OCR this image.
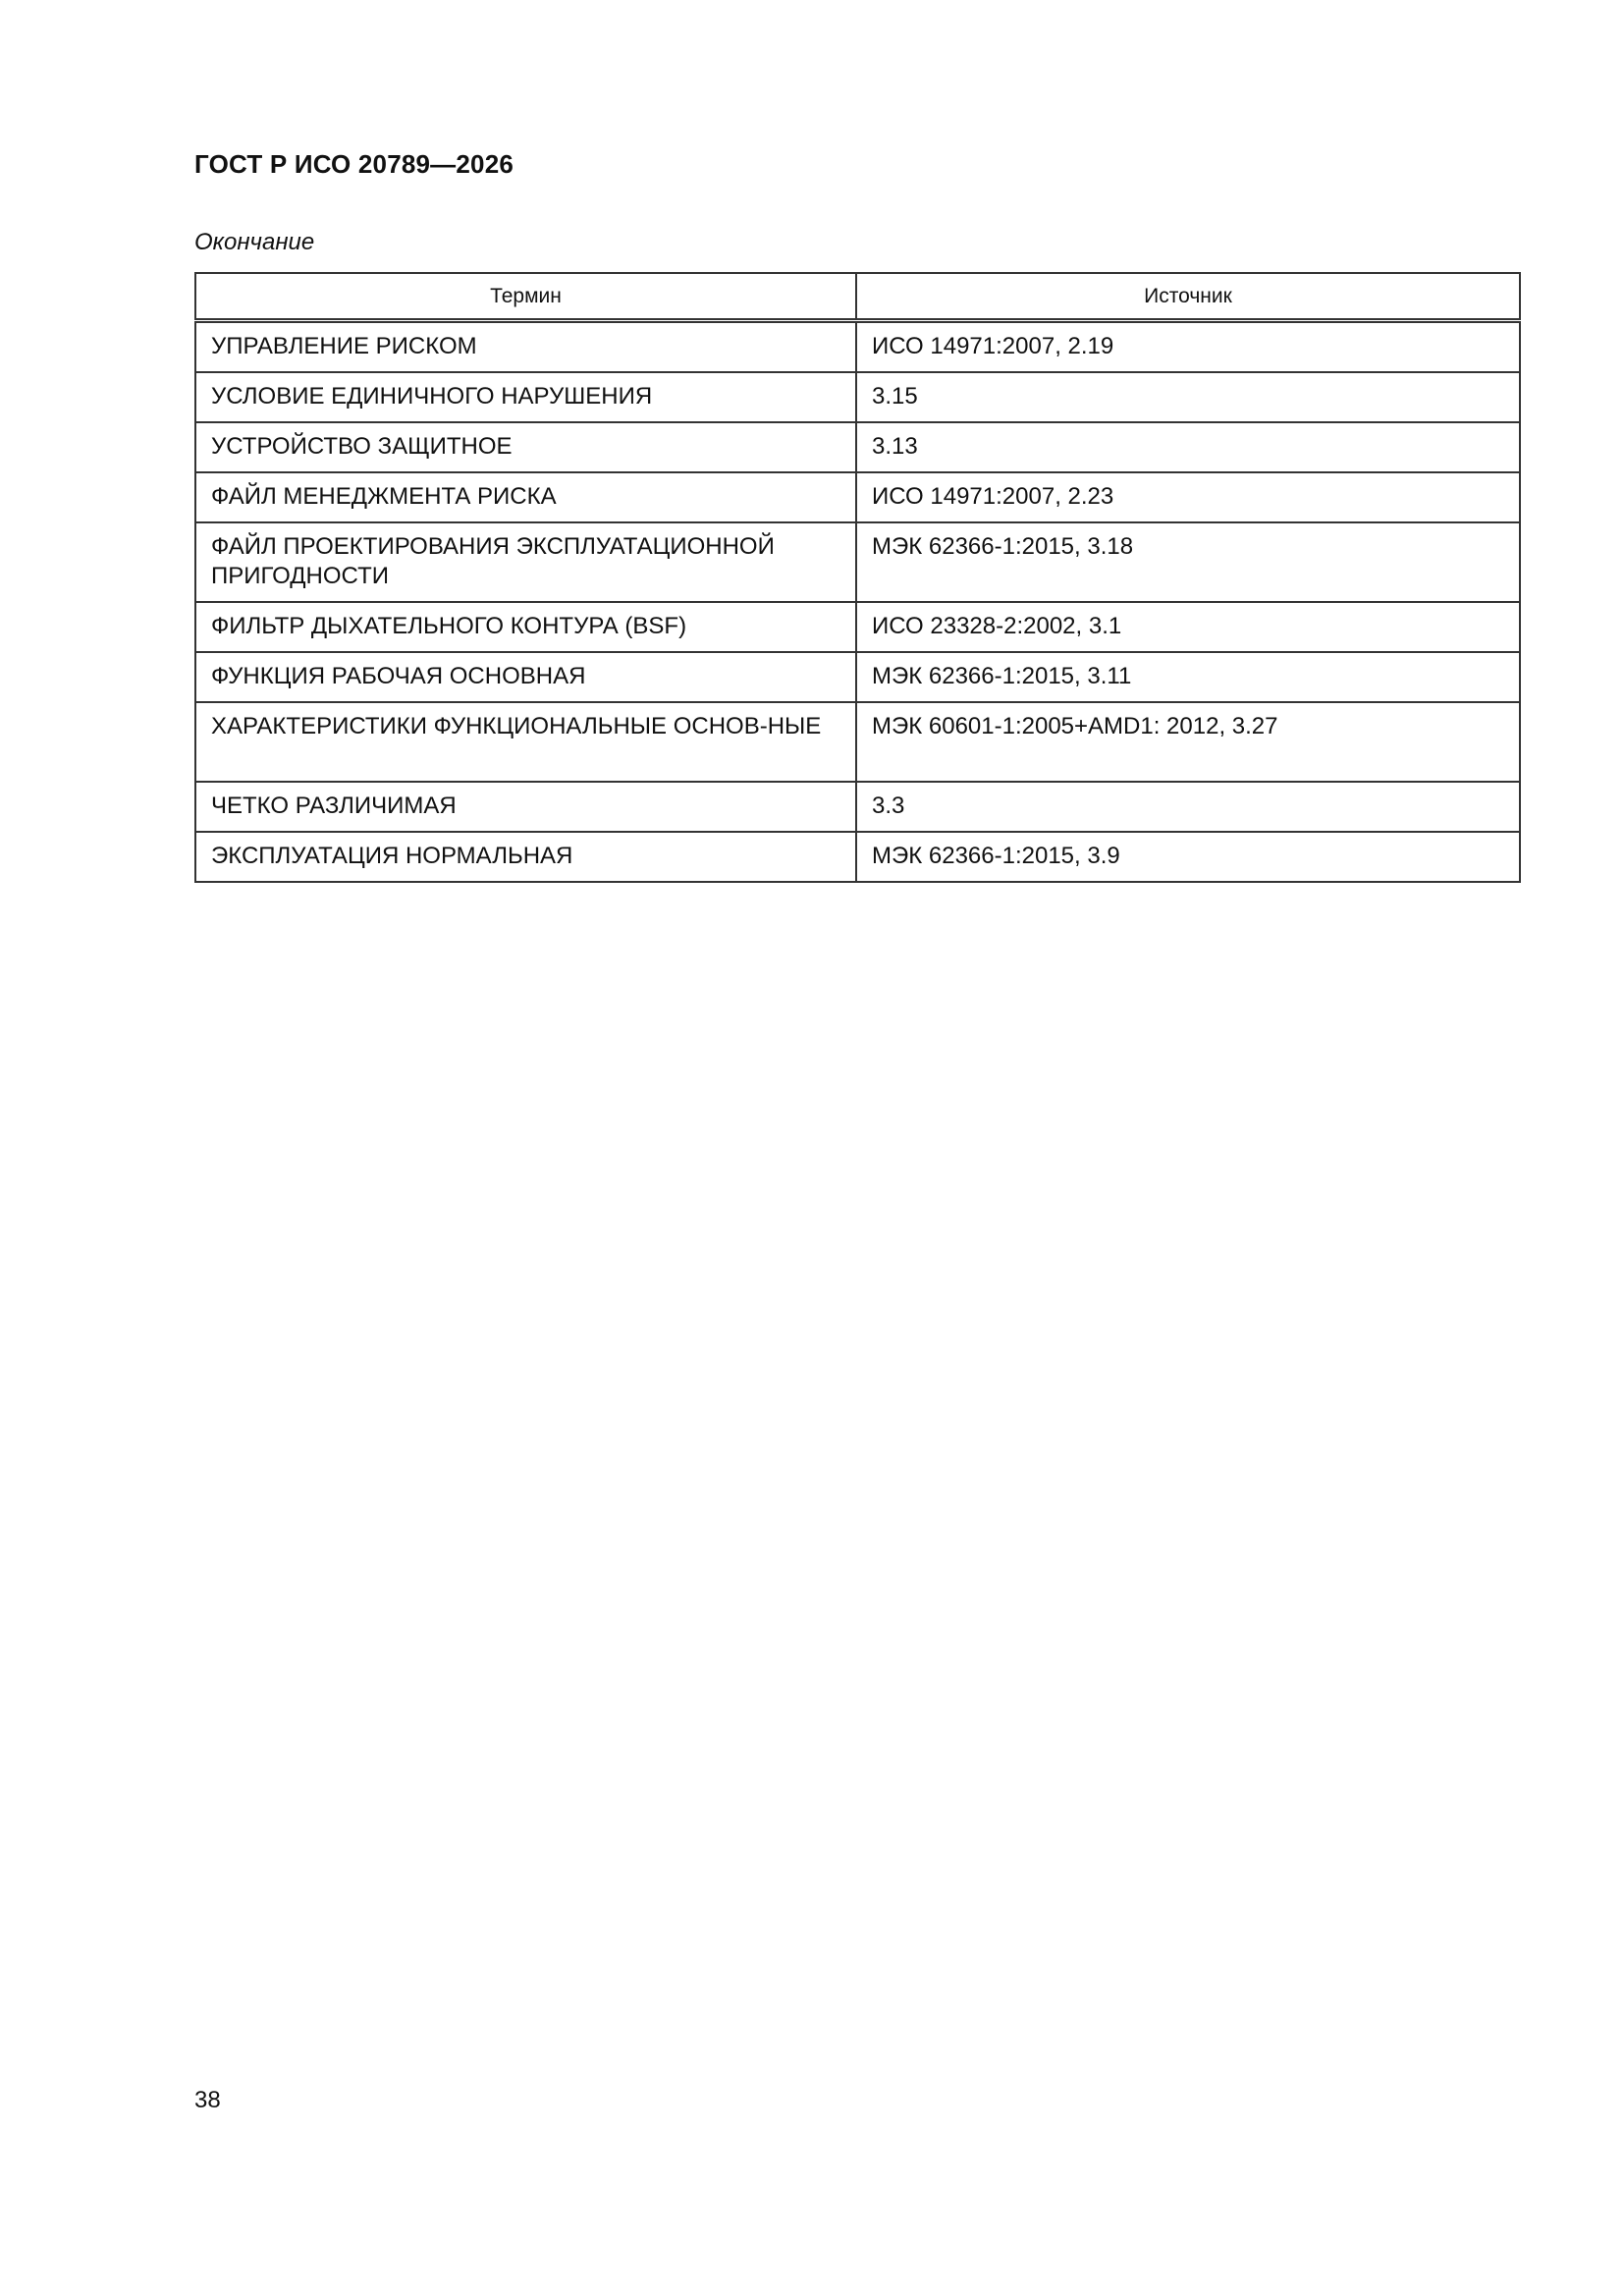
ГОСТ Р ИСО 20789—2026
Окончание
Термин	Источник
УПРАВЛЕНИЕ РИСКОМ	ИСО 14971:2007, 2.19
УСЛОВИЕ ЕДИНИЧНОГО НАРУШЕНИЯ	3.15
УСТРОЙСТВО ЗАЩИТНОЕ	3.13
ФАЙЛ МЕНЕДЖМЕНТА РИСКА	ИСО 14971:2007, 2.23
ФАЙЛ ПРОЕКТИРОВАНИЯ ЭКСПЛУАТАЦИОННОЙ ПРИГОДНОСТИ	МЭК 62366-1:2015, 3.18
ФИЛЬТР ДЫХАТЕЛЬНОГО КОНТУРА (BSF)	ИСО 23328-2:2002, 3.1
ФУНКЦИЯ РАБОЧАЯ ОСНОВНАЯ	МЭК 62366-1:2015, 3.11
ХАРАКТЕРИСТИКИ ФУНКЦИОНАЛЬНЫЕ ОСНОВ-НЫЕ	МЭК 60601-1:2005+AMD1: 2012, 3.27
ЧЕТКО РАЗЛИЧИМАЯ	3.3
ЭКСПЛУАТАЦИЯ НОРМАЛЬНАЯ	МЭК 62366-1:2015, 3.9
38
